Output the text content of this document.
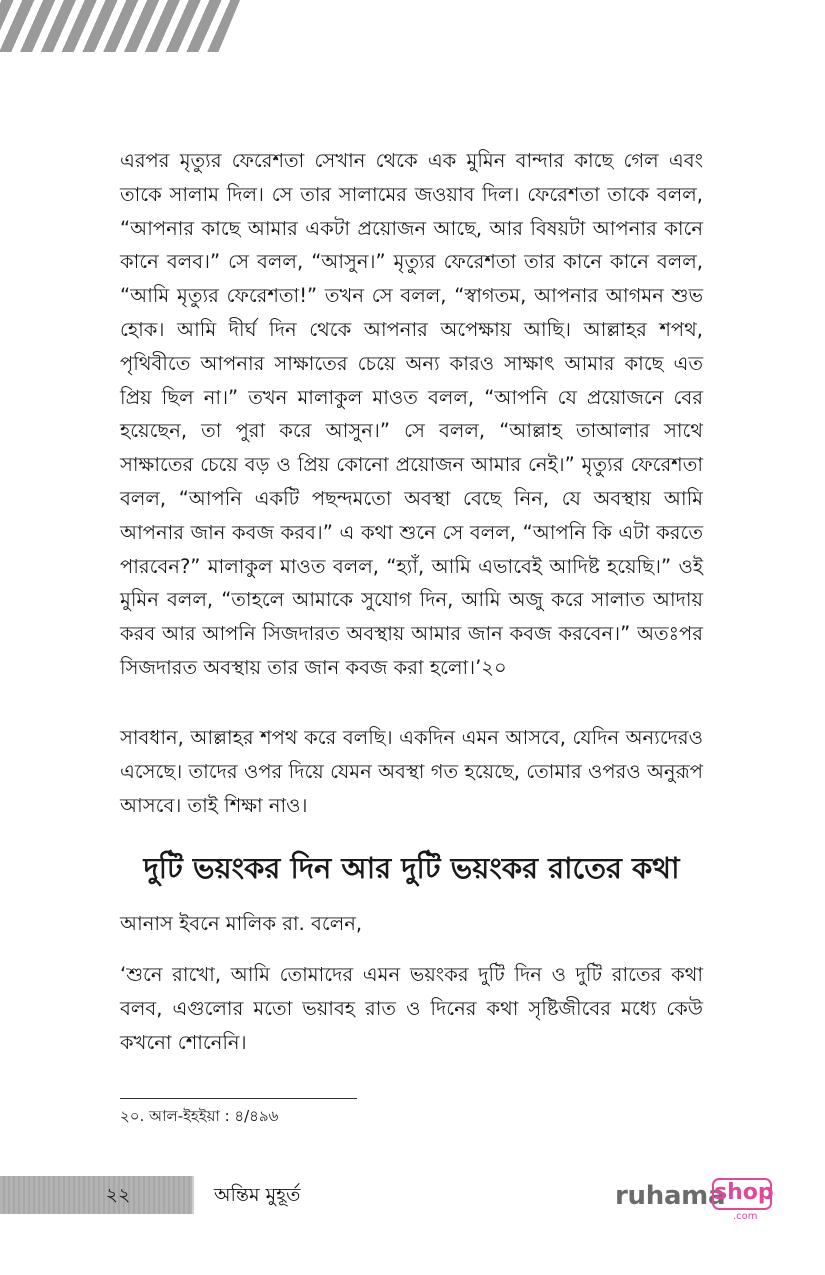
এরপর মৃত্যুর ফেরেশতা সেখান থেকে এক মুমিন বান্দার কাছে গেল এবং তাকে সালাম দিল। সে তার সালামের জওয়াব দিল। ফেরেশতা তাকে বলল, “আপনার কাছে আমার একটা প্রয়োজন আছে, আর বিষয়টা আপনার কানে কানে বলব।” সে বলল, “আসুন।” মৃত্যুর ফেরেশতা তার কানে কানে বলল, “আমি মৃত্যুর ফেরেশতা!” তখন সে বলল, “স্বাগতম, আপনার আগমন শুভ হোক। আমি দীর্ঘ দিন থেকে আপনার অপেক্ষায় আছি। আল্লাহর শপথ, পৃথিবীতে আপনার সাক্ষাতের চেয়ে অন্য কারও সাক্ষাৎ আমার কাছে এত প্রিয় ছিল না।” তখন মালাকুল মাওত বলল, “আপনি যে প্রয়োজনে বের হয়েছেন, তা পুরা করে আসুন।” সে বলল, “আল্লাহ তাআলার সাথে সাক্ষাতের চেয়ে বড় ও প্রিয় কোনো প্রয়োজন আমার নেই।” মৃত্যুর ফেরেশতা বলল, “আপনি একটি পছন্দমতো অবস্থা বেছে নিন, যে অবস্থায় আমি আপনার জান কবজ করব।” এ কথা শুনে সে বলল, “আপনি কি এটা করতে পারবেন?” মালাকুল মাওত বলল, “হ্যাঁ, আমি এভাবেই আদিষ্ট হয়েছি।” ওই মুমিন বলল, “তাহলে আমাকে সুযোগ দিন, আমি অজু করে সালাত আদায় করব আর আপনি সিজদারত অবস্থায় আমার জান কবজ করবেন।” অতঃপর সিজদারত অবস্থায় তার জান কবজ করা হলো।’২০

সাবধান, আল্লাহর শপথ করে বলছি। একদিন এমন আসবে, যেদিন অন্যদেরও এসেছে। তাদের ওপর দিয়ে যেমন অবস্থা গত হয়েছে, তোমার ওপরও অনুরূপ আসবে। তাই শিক্ষা নাও।

দুটি ভয়ংকর দিন আর দুটি ভয়ংকর রাতের কথা

আনাস ইবনে মালিক রা. বলেন,

‘শুনে রাখো, আমি তোমাদের এমন ভয়ংকর দুটি দিন ও দুটি রাতের কথা বলব, এগুলোর মতো ভয়াবহ রাত ও দিনের কথা সৃষ্টিজীবের মধ্যে কেউ কখনো শোনেনি।

২০. আল-ইহইয়া : ৪/৪৯৬

২২	অন্তিম মুহূর্ত	ruhama
shop
.com
